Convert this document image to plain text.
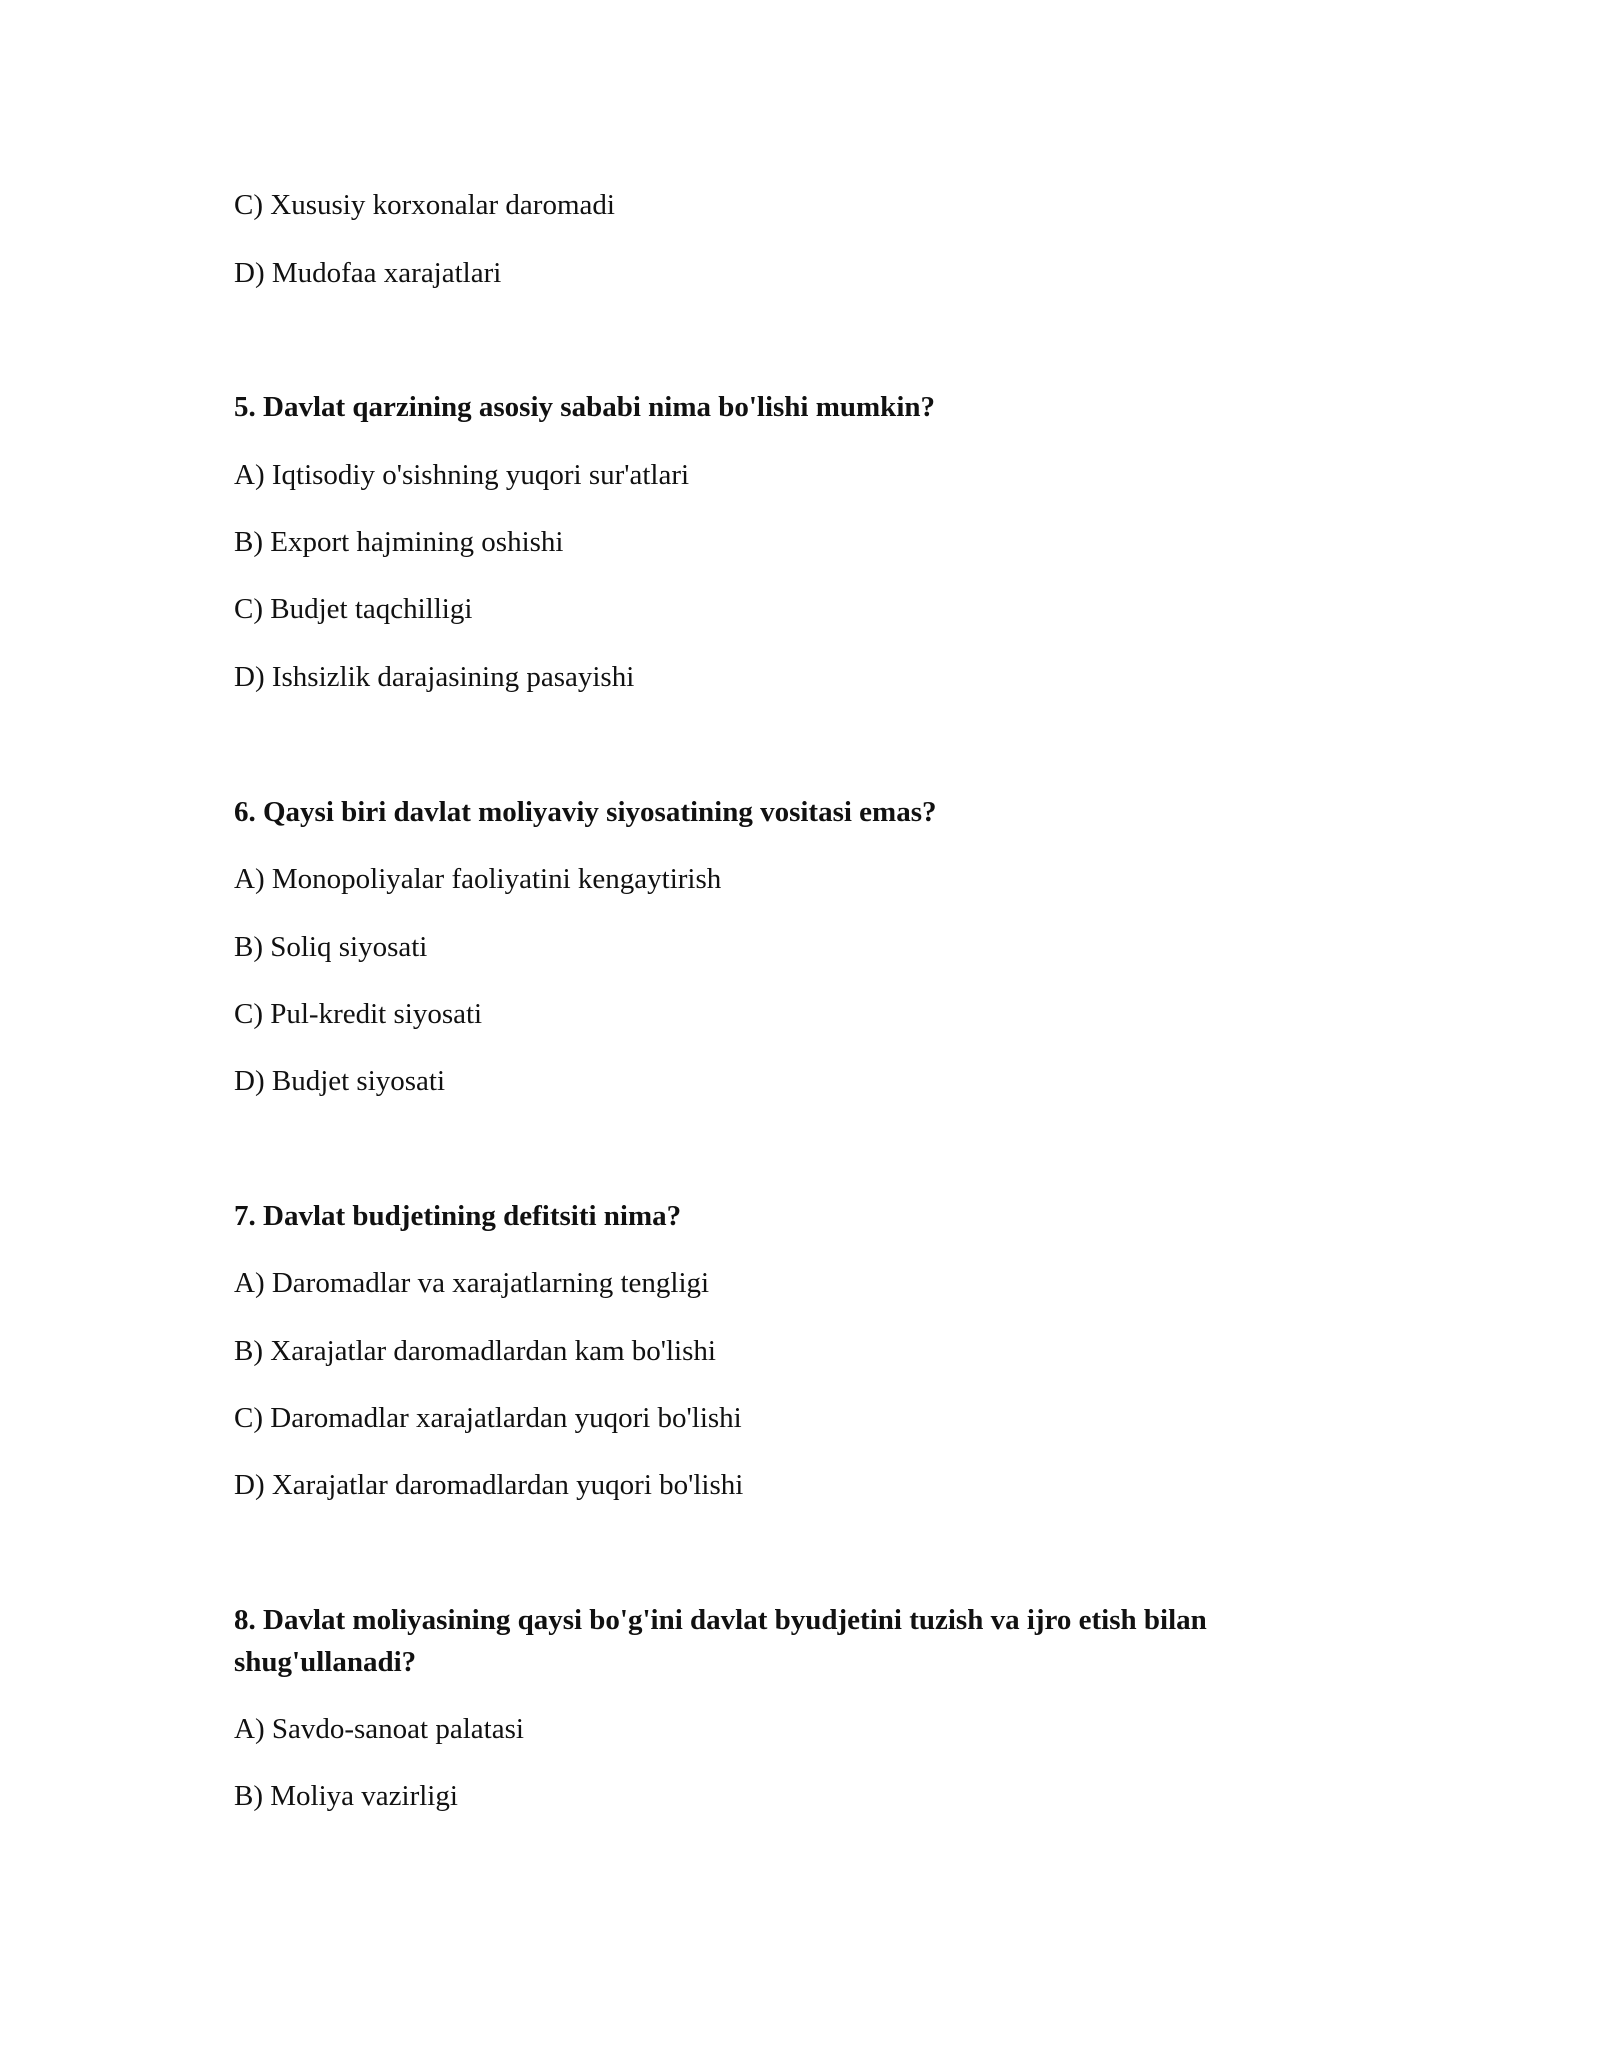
C) Xususiy korxonalar daromadi

D) Mudofaa xarajatlari

5. Davlat qarzining asosiy sababi nima bo'lishi mumkin?

A) Iqtisodiy o'sishning yuqori sur'atlari

B) Export hajmining oshishi

C) Budjet taqchilligi

D) Ishsizlik darajasining pasayishi

6. Qaysi biri davlat moliyaviy siyosatining vositasi emas?

A) Monopoliyalar faoliyatini kengaytirish

B) Soliq siyosati

C) Pul-kredit siyosati

D) Budjet siyosati

7. Davlat budjetining defitsiti nima?

A) Daromadlar va xarajatlarning tengligi

B) Xarajatlar daromadlardan kam bo'lishi

C) Daromadlar xarajatlardan yuqori bo'lishi

D) Xarajatlar daromadlardan yuqori bo'lishi

8. Davlat moliyasining qaysi bo'g'ini davlat byudjetini tuzish va ijro etish bilan shug'ullanadi?

A) Savdo-sanoat palatasi

B) Moliya vazirligi
